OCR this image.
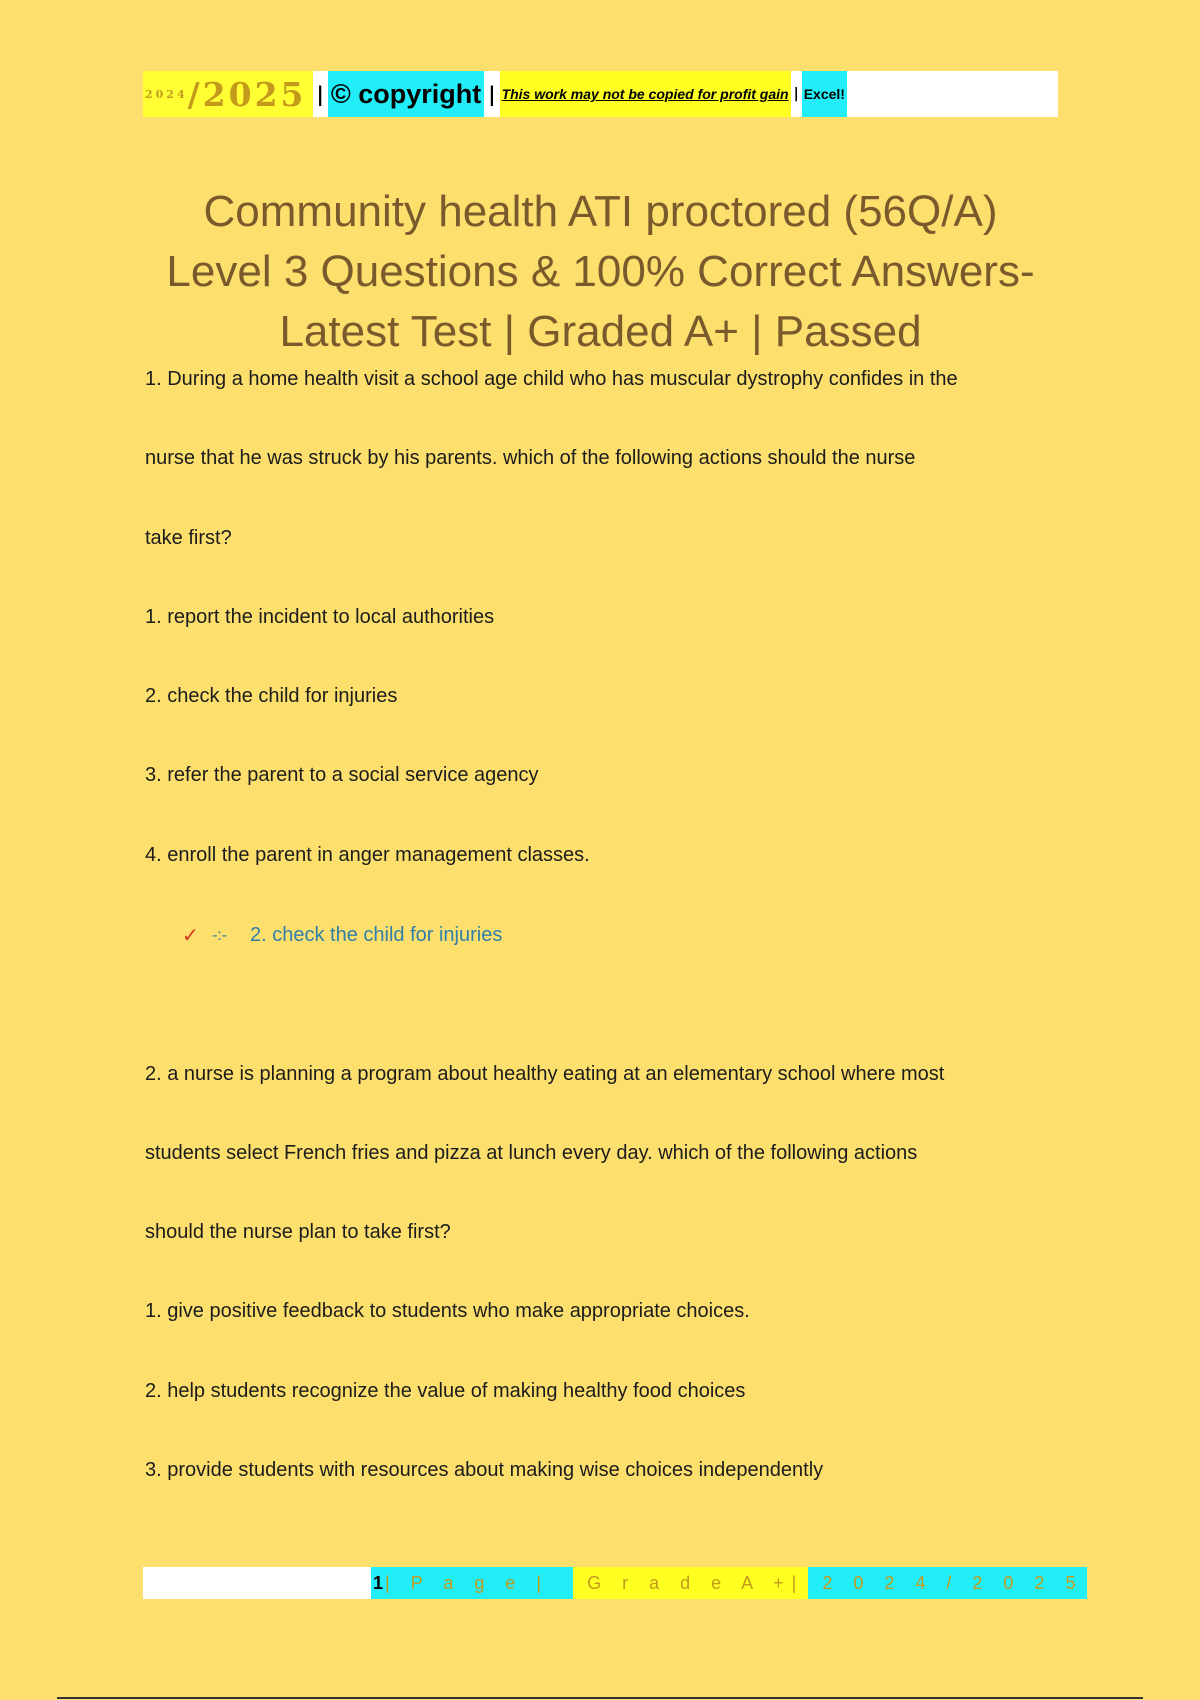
2024 /2025 | © copyright | This work may not be copied for profit gain | Excel!
Community health ATI proctored (56Q/A)
Level 3 Questions & 100% Correct Answers-
Latest Test | Graded A+ | Passed
1. During a home health visit a school age child who has muscular dystrophy confides in the
nurse that he was struck by his parents. which of the following actions should the nurse
take first?
1. report the incident to local authorities
2. check the child for injuries
3. refer the parent to a social service agency
4. enroll the parent in anger management classes.
✓ -:-	2. check the child for injuries
2. a nurse is planning a program about healthy eating at an elementary school where most
students select French fries and pizza at lunch every day. which of the following actions
should the nurse plan to take first?
1. give positive feedback to students who make appropriate choices.
2. help students recognize the value of making healthy food choices
3. provide students with resources about making wise choices independently
1 | P a g e |	G r a d e A + |	2 0 2 4 / 2 0 2 5
